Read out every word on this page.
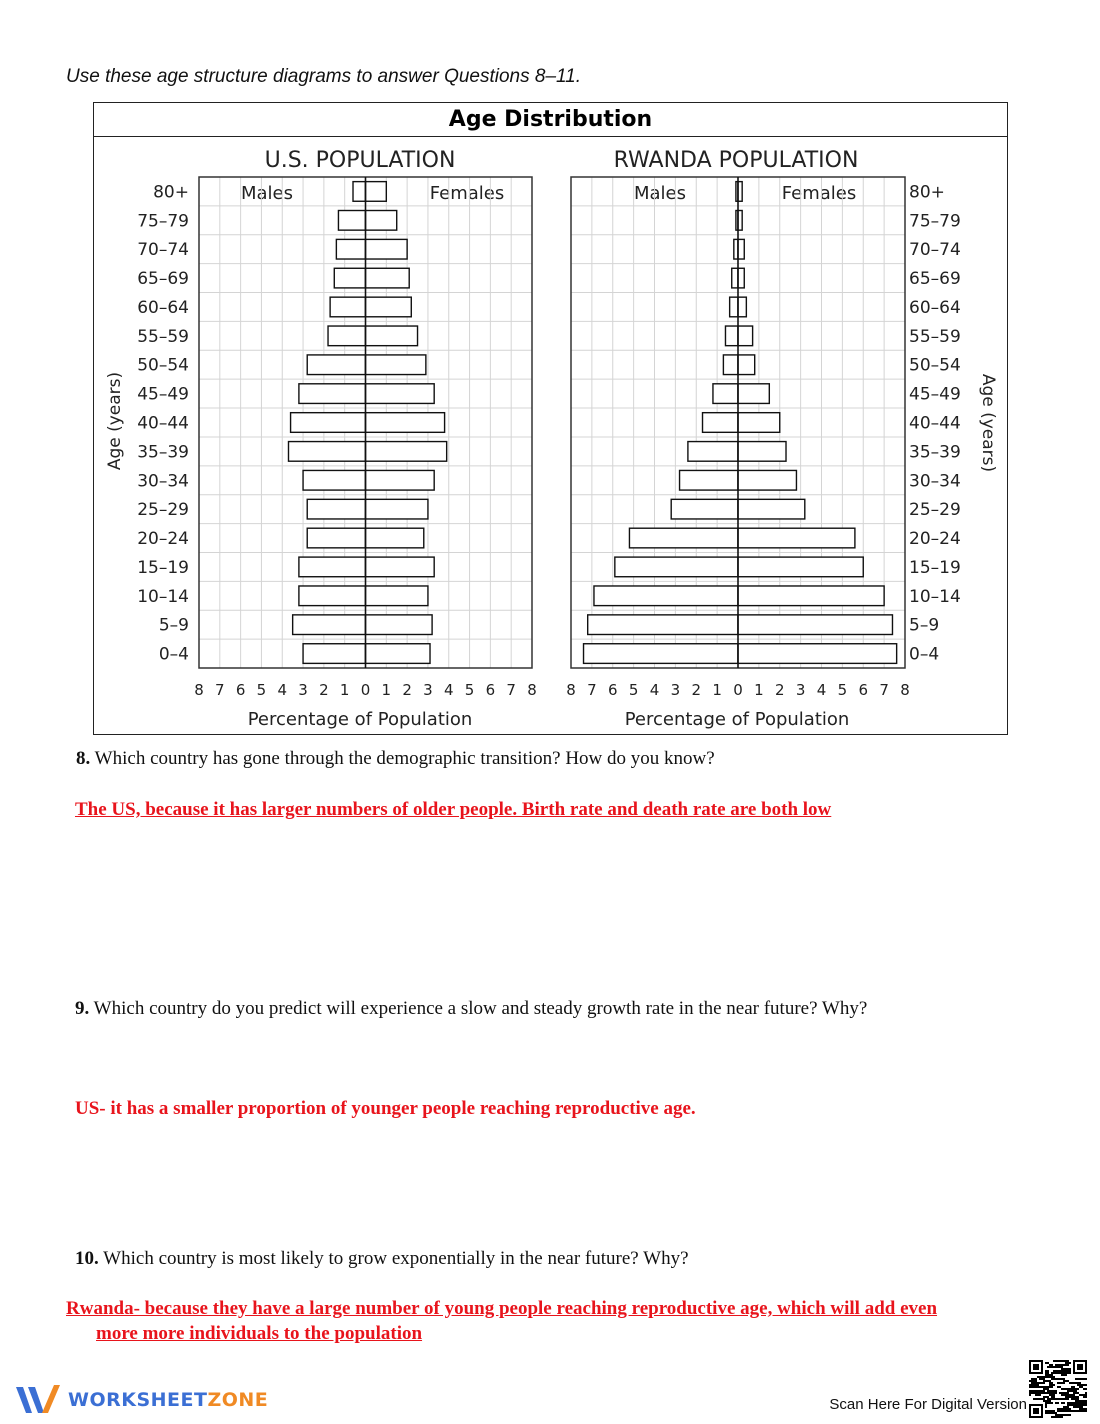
Use these age structure diagrams to answer Questions 8–11.
Age Distribution
U.S. POPULATION	RWANDA POPULATION
Males	Females
Percentage of Population
80+
75–79
70–74
65–69
60–64
55–59
50–54
45–49
40–44
35–39
30–34
25–29
20–24
15–19
10–14
5–9
0–4
8 7 6 5 4 3 2 1 0 1 2 3 4 5 6 7 8
Males	Females
Percentage of Population
80+
75–79
70–74
65–69
60–64
55–59
50–54
45–49
40–44
35–39
30–34
25–29
20–24
15–19
10–14
5–9
0–4
8 7 6 5 4 3 2 1 0 1 2 3 4 5 6 7 8
Age (years)	Age (years)
8. Which country has gone through the demographic transition? How do you know?
The US, because it has larger numbers of older people. Birth rate and death rate are both low
9. Which country do you predict will experience a slow and steady growth rate in the near future? Why?
US- it has a smaller proportion of younger people reaching reproductive age.
10. Which country is most likely to grow exponentially in the near future? Why?
Rwanda- because they have a large number of young people reaching reproductive age, which will add even
more more individuals to the population
WORKSHEETZONE	Scan Here For Digital Version
